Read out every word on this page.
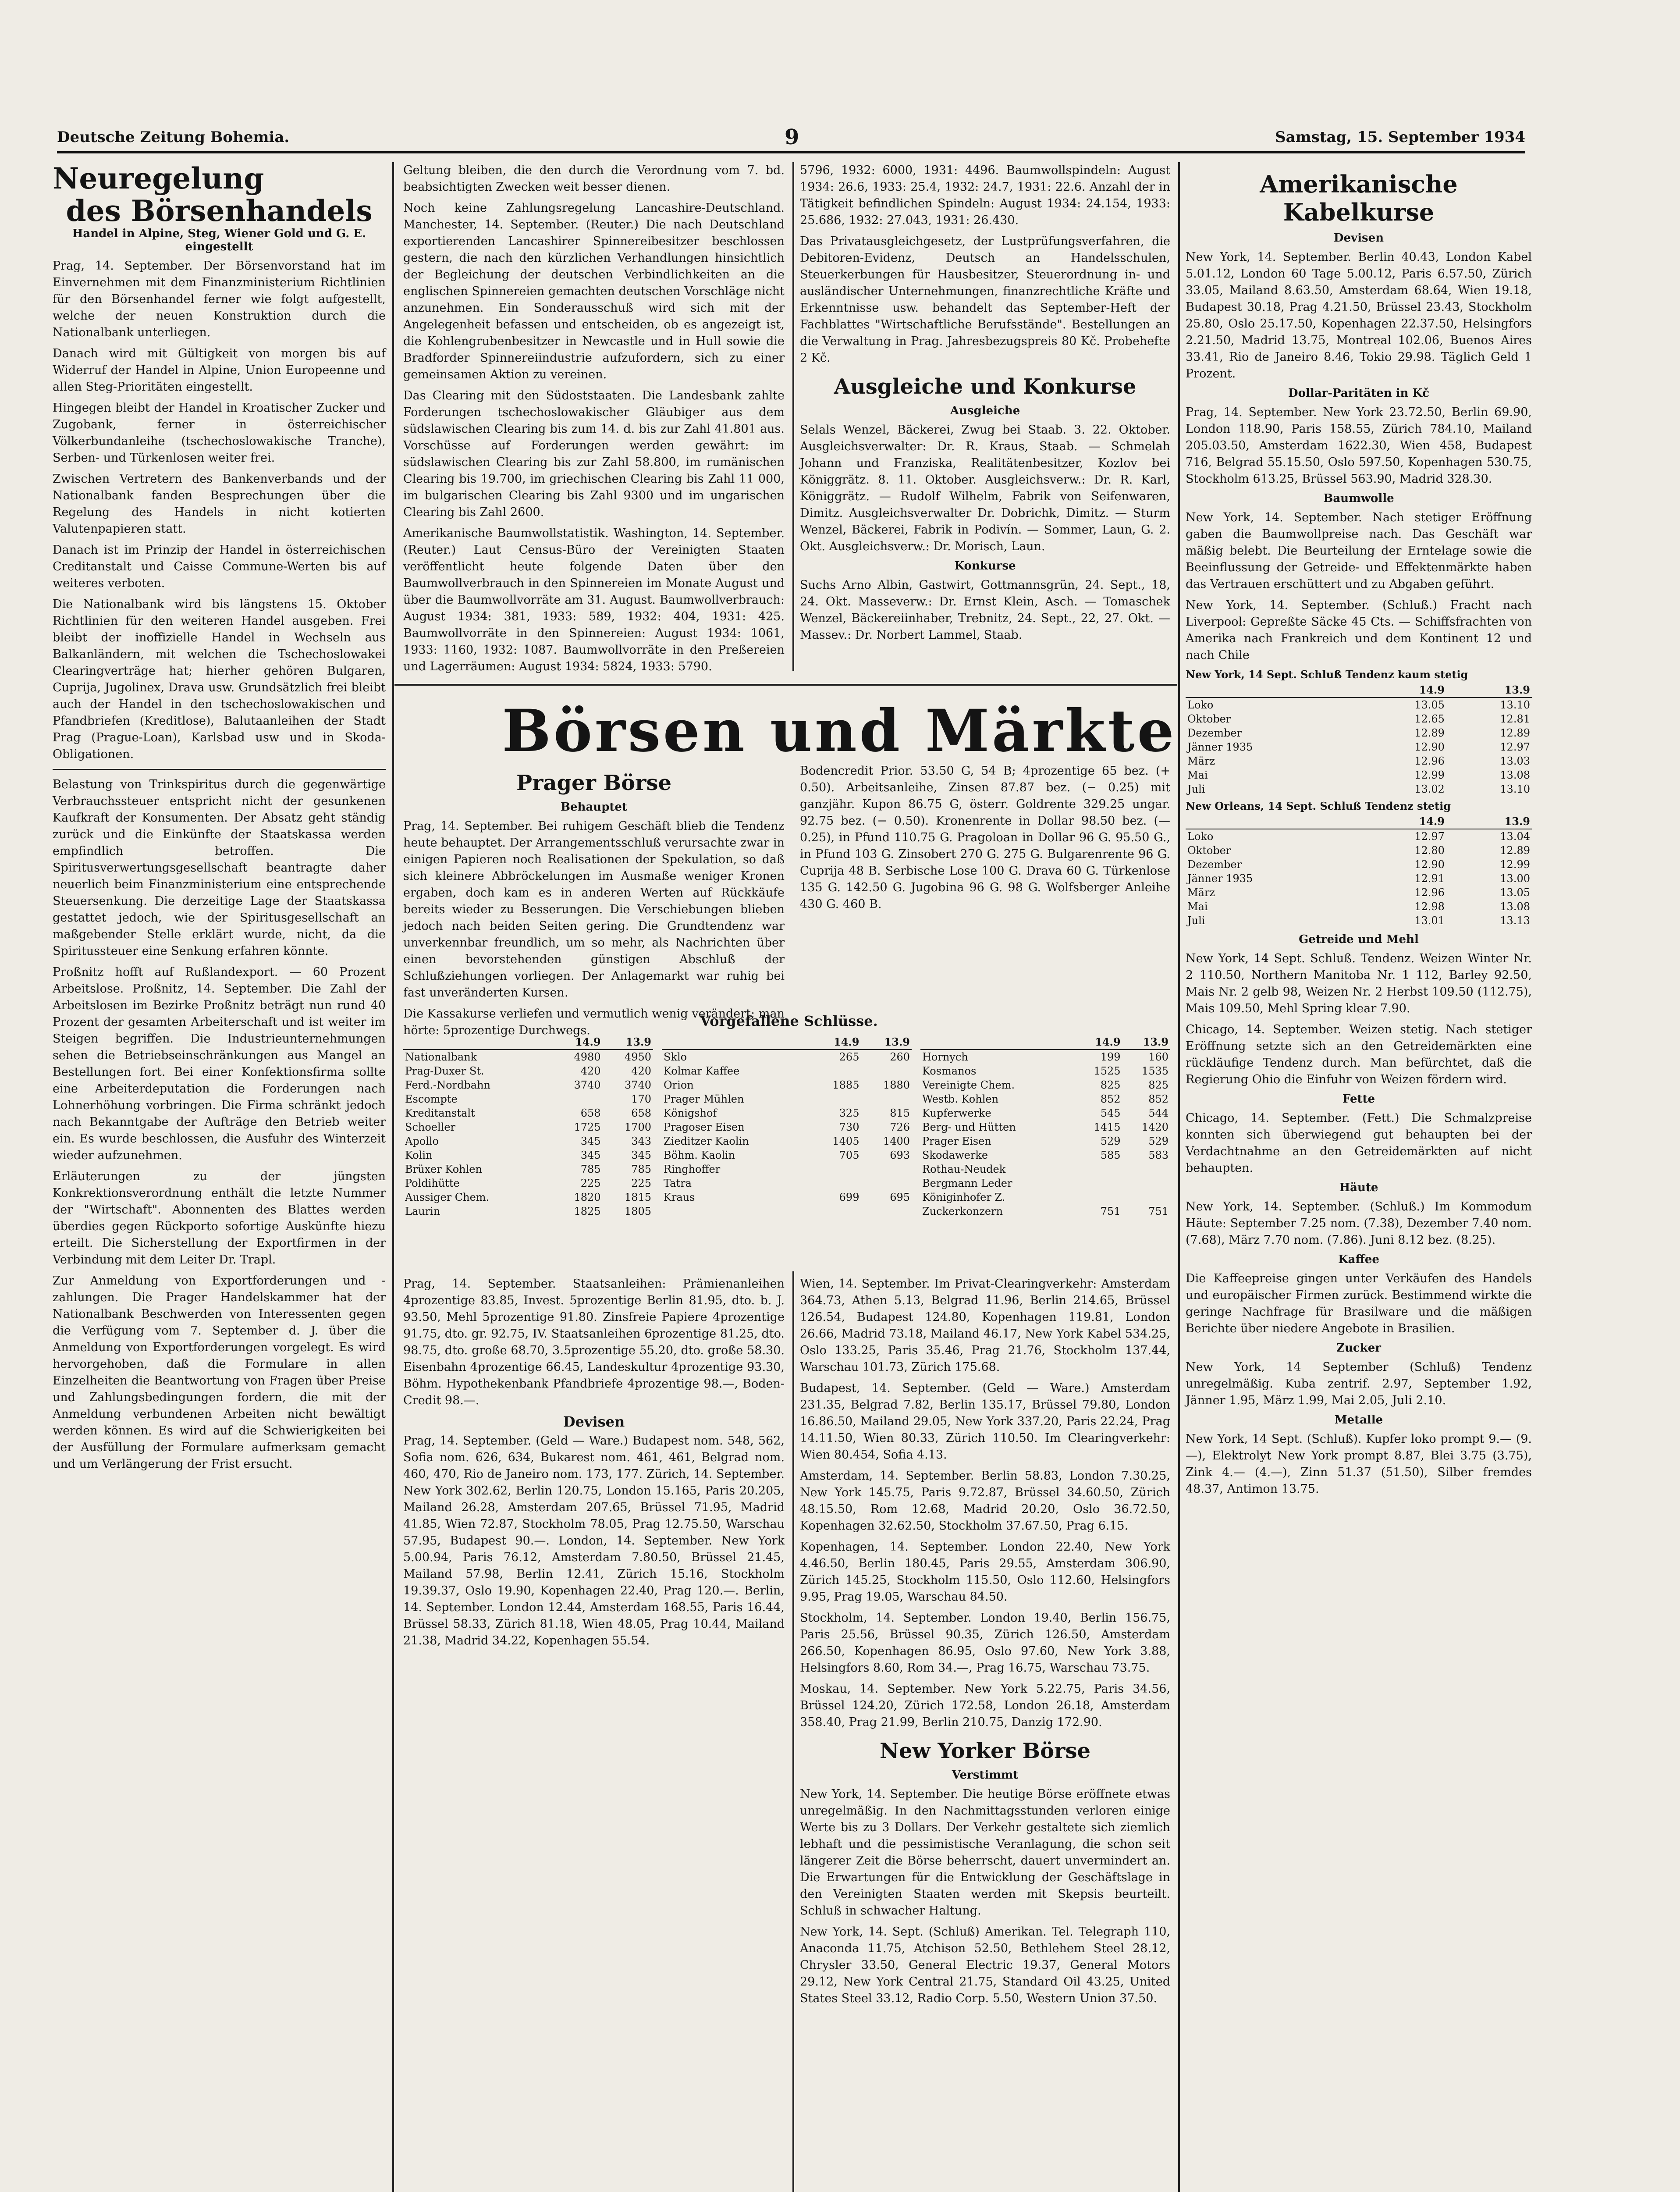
Deutsche Zeitung Bohemia.	9	Samstag, 15. September 1934
Neuregelung
des Börsenhandels
Handel in Alpine, Steg, Wiener Gold und G. E. eingestellt

Prag, 14. September. Der Börsenvorstand hat im Einvernehmen mit dem Finanzministerium Richtlinien für den Börsenhandel ferner wie folgt aufgestellt, welche der neuen Konstruktion durch die Nationalbank unterliegen.

Danach wird mit Gültigkeit von morgen bis auf Widerruf der Handel in Alpine, Union Europeenne und allen Steg-Prioritäten eingestellt.

Hingegen bleibt der Handel in Kroatischer Zucker und Zugobank, ferner in österreichischer Völkerbundanleihe (tschechoslowakische Tranche), Serben- und Türkenlosen weiter frei.

Zwischen Vertretern des Bankenverbands und der Nationalbank fanden Besprechungen über die Regelung des Handels in nicht kotierten Valutenpapieren statt.

Danach ist im Prinzip der Handel in österreichischen Creditanstalt und Caisse Commune-Werten bis auf weiteres verboten.

Die Nationalbank wird bis längstens 15. Oktober Richtlinien für den weiteren Handel ausgeben. Frei bleibt der inoffizielle Handel in Wechseln aus Balkanländern, mit welchen die Tschechoslowakei Clearingverträge hat; hierher gehören Bulgaren, Cuprija, Jugolinex, Drava usw. Grundsätzlich frei bleibt auch der Handel in den tschechoslowakischen und Pfandbriefen (Kreditlose), Balutaanleihen der Stadt Prag (Prague-Loan), Karlsbad usw und in Skoda-Obligationen.

Belastung von Trinkspiritus durch die gegenwärtige Verbrauchssteuer entspricht nicht der gesunkenen Kaufkraft der Konsumenten. Der Absatz geht ständig zurück und die Einkünfte der Staatskassa werden empfindlich betroffen. Die Spiritusverwertungsgesellschaft beantragte daher neuerlich beim Finanzministerium eine entsprechende Steuersenkung. Die derzeitige Lage der Staatskassa gestattet jedoch, wie der Spiritusgesellschaft an maßgebender Stelle erklärt wurde, nicht, da die Spiritussteuer eine Senkung erfahren könnte.

Proßnitz hofft auf Rußlandexport. — 60 Prozent Arbeitslose. Proßnitz, 14. September. Die Zahl der Arbeitslosen im Bezirke Proßnitz beträgt nun rund 40 Prozent der gesamten Arbeiterschaft und ist weiter im Steigen begriffen. Die Industrieunternehmungen sehen die Betriebseinschränkungen aus Mangel an Bestellungen fort. Bei einer Konfektionsfirma sollte eine Arbeiterdeputation die Forderungen nach Lohnerhöhung vorbringen. Die Firma schränkt jedoch nach Bekanntgabe der Aufträge den Betrieb weiter ein. Es wurde beschlossen, die Ausfuhr des Winterzeit wieder aufzunehmen.

Erläuterungen zu der jüngsten Konkrektionsverordnung enthält die letzte Nummer der "Wirtschaft". Abonnenten des Blattes werden überdies gegen Rückporto sofortige Auskünfte hiezu erteilt. Die Sicherstellung der Exportfirmen in der Verbindung mit dem Leiter Dr. Trapl.

Zur Anmeldung von Exportforderungen und -zahlungen. Die Prager Handelskammer hat der Nationalbank Beschwerden von Interessenten gegen die Verfügung vom 7. September d. J. über die Anmeldung von Exportforderungen vorgelegt. Es wird hervorgehoben, daß die Formulare in allen Einzelheiten die Beantwortung von Fragen über Preise und Zahlungsbedingungen fordern, die mit der Anmeldung verbundenen Arbeiten nicht bewältigt werden können. Es wird auf die Schwierigkeiten bei der Ausfüllung der Formulare aufmerksam gemacht und um Verlängerung der Frist ersucht.

Geltung bleiben, die den durch die Verordnung vom 7. bd. beabsichtigten Zwecken weit besser dienen.

Noch keine Zahlungsregelung Lancashire-Deutschland. Manchester, 14. September. (Reuter.) Die nach Deutschland exportierenden Lancashirer Spinnereibesitzer beschlossen gestern, die nach den kürzlichen Verhandlungen hinsichtlich der Begleichung der deutschen Verbindlichkeiten an die englischen Spinnereien gemachten deutschen Vorschläge nicht anzunehmen. Ein Sonderausschuß wird sich mit der Angelegenheit befassen und entscheiden, ob es angezeigt ist, die Kohlengrubenbesitzer in Newcastle und in Hull sowie die Bradforder Spinnereiindustrie aufzufordern, sich zu einer gemeinsamen Aktion zu vereinen.

Das Clearing mit den Südoststaaten. Die Landesbank zahlte Forderungen tschechoslowakischer Gläubiger aus dem südslawischen Clearing bis zum 14. d. bis zur Zahl 41.801 aus. Vorschüsse auf Forderungen werden gewährt: im südslawischen Clearing bis zur Zahl 58.800, im rumänischen Clearing bis 19.700, im griechischen Clearing bis Zahl 11 000, im bulgarischen Clearing bis Zahl 9300 und im ungarischen Clearing bis Zahl 2600.

Amerikanische Baumwollstatistik. Washington, 14. September. (Reuter.) Laut Census-Büro der Vereinigten Staaten veröffentlicht heute folgende Daten über den Baumwollverbrauch in den Spinnereien im Monate August und über die Baumwollvorräte am 31. August. Baumwollverbrauch: August 1934: 381, 1933: 589, 1932: 404, 1931: 425. Baumwollvorräte in den Spinnereien: August 1934: 1061, 1933: 1160, 1932: 1087. Baumwollvorräte in den Preßereien und Lagerräumen: August 1934: 5824, 1933: 5790.

5796, 1932: 6000, 1931: 4496. Baumwollspindeln: August 1934: 26.6, 1933: 25.4, 1932: 24.7, 1931: 22.6. Anzahl der in Tätigkeit befindlichen Spindeln: August 1934: 24.154, 1933: 25.686, 1932: 27.043, 1931: 26.430.

Das Privatausgleichgesetz, der Lustprüfungsverfahren, die Debitoren-Evidenz, Deutsch an Handelsschulen, Steuerkerbungen für Hausbesitzer, Steuerordnung in- und ausländischer Unternehmungen, finanzrechtliche Kräfte und Erkenntnisse usw. behandelt das September-Heft der Fachblattes "Wirtschaftliche Berufsstände". Bestellungen an die Verwaltung in Prag. Jahresbezugspreis 80 Kč. Probehefte 2 Kč.

Ausgleiche und Konkurse
Ausgleiche

Selals Wenzel, Bäckerei, Zwug bei Staab. 3. 22. Oktober. Ausgleichsverwalter: Dr. R. Kraus, Staab. — Schmelah Johann und Franziska, Realitätenbesitzer, Kozlov bei Königgrätz. 8. 11. Oktober. Ausgleichsverw.: Dr. R. Karl, Königgrätz. — Rudolf Wilhelm, Fabrik von Seifenwaren, Dimitz. Ausgleichsverwalter Dr. Dobrichk, Dimitz. — Sturm Wenzel, Bäckerei, Fabrik in Podivín. — Sommer, Laun, G. 2. Okt. Ausgleichsverw.: Dr. Morisch, Laun.

Konkurse

Suchs Arno Albin, Gastwirt, Gottmannsgrün, 24. Sept., 18, 24. Okt. Masseverw.: Dr. Ernst Klein, Asch. — Tomaschek Wenzel, Bäckereiinhaber, Trebnitz, 24. Sept., 22, 27. Okt. — Massev.: Dr. Norbert Lammel, Staab.

Börsen und Märkte
Prager Börse
Behauptet

Prag, 14. September. Bei ruhigem Geschäft blieb die Tendenz heute behauptet. Der Arrangementsschluß verursachte zwar in einigen Papieren noch Realisationen der Spekulation, so daß sich kleinere Abbröckelungen im Ausmaße weniger Kronen ergaben, doch kam es in anderen Werten auf Rückkäufe bereits wieder zu Besserungen. Die Verschiebungen blieben jedoch nach beiden Seiten gering. Die Grundtendenz war unverkennbar freundlich, um so mehr, als Nachrichten über einen bevorstehenden günstigen Abschluß der Schlußziehungen vorliegen. Der Anlagemarkt war ruhig bei fast unveränderten Kursen.

Die Kassakurse verliefen und vermutlich wenig verändert; man hörte: 5prozentige Durchwegs.

Bodencredit Prior. 53.50 G, 54 B; 4prozentige 65 bez. (+ 0.50). Arbeitsanleihe, Zinsen 87.87 bez. (− 0.25) mit ganzjähr. Kupon 86.75 G, österr. Goldrente 329.25 ungar. 92.75 bez. (− 0.50). Kronenrente in Dollar 98.50 bez. (— 0.25), in Pfund 110.75 G. Pragoloan in Dollar 96 G. 95.50 G., in Pfund 103 G. Zinsobert 270 G. 275 G. Bulgarenrente 96 G. Cuprija 48 B. Serbische Lose 100 G. Drava 60 G. Türkenlose 135 G. 142.50 G. Jugobina 96 G. 98 G. Wolfsberger Anleihe 430 G. 460 B.

Vorgefallene Schlüsse.
	14.9	13.9
Nationalbank	4980	4950
Prag-Duxer St.	420	420
Ferd.-Nordbahn	3740	3740
Escompte		170
Kreditanstalt	658	658
Schoeller	1725	1700
Apollo	345	343
Kolin	345	345
Brüxer Kohlen	785	785
Poldihütte	225	225
Aussiger Chem.	1820	1815
Laurin	1825	1805
	14.9	13.9
Sklo	265	260
Kolmar Kaffee		
Orion	1885	1880
Prager Mühlen		
Königshof	325	815
Pragoser Eisen	730	726
Zieditzer Kaolin	1405	1400
Böhm. Kaolin	705	693
Ringhoffer		
Tatra		
Kraus	699	695
	14.9	13.9
Hornych	199	160
Kosmanos	1525	1535
Vereinigte Chem.	825	825
Westb. Kohlen	852	852
Kupferwerke	545	544
Berg- und Hütten	1415	1420
Prager Eisen	529	529
Skodawerke	585	583
Rothau-Neudek		
Bergmann Leder		
Königinhofer Z.		
Zuckerkonzern	751	751

Prag, 14. September. Staatsanleihen: Prämienanleihen 4prozentige 83.85, Invest. 5prozentige Berlin 81.95, dto. b. J. 93.50, Mehl 5prozentige 91.80. Zinsfreie Papiere 4prozentige 91.75, dto. gr. 92.75, IV. Staatsanleihen 6prozentige 81.25, dto. 98.75, dto. große 68.70, 3.5prozentige 55.20, dto. große 58.30. Eisenbahn 4prozentige 66.45, Landeskultur 4prozentige 93.30, Böhm. Hypothekenbank Pfandbriefe 4prozentige 98.—, Boden-Credit 98.—.

Devisen

Prag, 14. September. (Geld — Ware.) Budapest nom. 548, 562, Sofia nom. 626, 634, Bukarest nom. 461, 461, Belgrad nom. 460, 470, Rio de Janeiro nom. 173, 177. Zürich, 14. September. New York 302.62, Berlin 120.75, London 15.165, Paris 20.205, Mailand 26.28, Amsterdam 207.65, Brüssel 71.95, Madrid 41.85, Wien 72.87, Stockholm 78.05, Prag 12.75.50, Warschau 57.95, Budapest 90.—. London, 14. September. New York 5.00.94, Paris 76.12, Amsterdam 7.80.50, Brüssel 21.45, Mailand 57.98, Berlin 12.41, Zürich 15.16, Stockholm 19.39.37, Oslo 19.90, Kopenhagen 22.40, Prag 120.—. Berlin, 14. September. London 12.44, Amsterdam 168.55, Paris 16.44, Brüssel 58.33, Zürich 81.18, Wien 48.05, Prag 10.44, Mailand 21.38, Madrid 34.22, Kopenhagen 55.54.

Wien, 14. September. Im Privat-Clearingverkehr: Amsterdam 364.73, Athen 5.13, Belgrad 11.96, Berlin 214.65, Brüssel 126.54, Budapest 124.80, Kopenhagen 119.81, London 26.66, Madrid 73.18, Mailand 46.17, New York Kabel 534.25, Oslo 133.25, Paris 35.46, Prag 21.76, Stockholm 137.44, Warschau 101.73, Zürich 175.68.

Budapest, 14. September. (Geld — Ware.) Amsterdam 231.35, Belgrad 7.82, Berlin 135.17, Brüssel 79.80, London 16.86.50, Mailand 29.05, New York 337.20, Paris 22.24, Prag 14.11.50, Wien 80.33, Zürich 110.50. Im Clearingverkehr: Wien 80.454, Sofia 4.13.

Amsterdam, 14. September. Berlin 58.83, London 7.30.25, New York 145.75, Paris 9.72.87, Brüssel 34.60.50, Zürich 48.15.50, Rom 12.68, Madrid 20.20, Oslo 36.72.50, Kopenhagen 32.62.50, Stockholm 37.67.50, Prag 6.15.

Kopenhagen, 14. September. London 22.40, New York 4.46.50, Berlin 180.45, Paris 29.55, Amsterdam 306.90, Zürich 145.25, Stockholm 115.50, Oslo 112.60, Helsingfors 9.95, Prag 19.05, Warschau 84.50.

Stockholm, 14. September. London 19.40, Berlin 156.75, Paris 25.56, Brüssel 90.35, Zürich 126.50, Amsterdam 266.50, Kopenhagen 86.95, Oslo 97.60, New York 3.88, Helsingfors 8.60, Rom 34.—, Prag 16.75, Warschau 73.75.

Moskau, 14. September. New York 5.22.75, Paris 34.56, Brüssel 124.20, Zürich 172.58, London 26.18, Amsterdam 358.40, Prag 21.99, Berlin 210.75, Danzig 172.90.

New Yorker Börse
Verstimmt

New York, 14. September. Die heutige Börse eröffnete etwas unregelmäßig. In den Nachmittagsstunden verloren einige Werte bis zu 3 Dollars. Der Verkehr gestaltete sich ziemlich lebhaft und die pessimistische Veranlagung, die schon seit längerer Zeit die Börse beherrscht, dauert unvermindert an. Die Erwartungen für die Entwicklung der Geschäftslage in den Vereinigten Staaten werden mit Skepsis beurteilt. Schluß in schwacher Haltung.

New York, 14. Sept. (Schluß) Amerikan. Tel. Telegraph 110, Anaconda 11.75, Atchison 52.50, Bethlehem Steel 28.12, Chrysler 33.50, General Electric 19.37, General Motors 29.12, New York Central 21.75, Standard Oil 43.25, United States Steel 33.12, Radio Corp. 5.50, Western Union 37.50.

Amerikanische Kabelkurse
Devisen

New York, 14. September. Berlin 40.43, London Kabel 5.01.12, London 60 Tage 5.00.12, Paris 6.57.50, Zürich 33.05, Mailand 8.63.50, Amsterdam 68.64, Wien 19.18, Budapest 30.18, Prag 4.21.50, Brüssel 23.43, Stockholm 25.80, Oslo 25.17.50, Kopenhagen 22.37.50, Helsingfors 2.21.50, Madrid 13.75, Montreal 102.06, Buenos Aires 33.41, Rio de Janeiro 8.46, Tokio 29.98. Täglich Geld 1 Prozent.

Dollar-Paritäten in Kč

Prag, 14. September. New York 23.72.50, Berlin 69.90, London 118.90, Paris 158.55, Zürich 784.10, Mailand 205.03.50, Amsterdam 1622.30, Wien 458, Budapest 716, Belgrad 55.15.50, Oslo 597.50, Kopenhagen 530.75, Stockholm 613.25, Brüssel 563.90, Madrid 328.30.

Baumwolle

New York, 14. September. Nach stetiger Eröffnung gaben die Baumwollpreise nach. Das Geschäft war mäßig belebt. Die Beurteilung der Erntelage sowie die Beeinflussung der Getreide- und Effektenmärkte haben das Vertrauen erschüttert und zu Abgaben geführt.

New York, 14. September. (Schluß.) Fracht nach Liverpool: Gepreßte Säcke 45 Cts. — Schiffsfrachten von Amerika nach Frankreich und dem Kontinent 12 und nach Chile

New York, 14 Sept. Schluß Tendenz kaum stetig
	14.9	13.9
Loko	13.05	13.10
Oktober	12.65	12.81
Dezember	12.89	12.89
Jänner 1935	12.90	12.97
März	12.96	13.03
Mai	12.99	13.08
Juli	13.02	13.10
New Orleans, 14 Sept. Schluß Tendenz stetig
	14.9	13.9
Loko	12.97	13.04
Oktober	12.80	12.89
Dezember	12.90	12.99
Jänner 1935	12.91	13.00
März	12.96	13.05
Mai	12.98	13.08
Juli	13.01	13.13
Getreide und Mehl

New York, 14 Sept. Schluß. Tendenz. Weizen Winter Nr. 2 110.50, Northern Manitoba Nr. 1 112, Barley 92.50, Mais Nr. 2 gelb 98, Weizen Nr. 2 Herbst 109.50 (112.75), Mais 109.50, Mehl Spring klear 7.90.

Chicago, 14. September. Weizen stetig. Nach stetiger Eröffnung setzte sich an den Getreidemärkten eine rückläufige Tendenz durch. Man befürchtet, daß die Regierung Ohio die Einfuhr von Weizen fördern wird.

Fette

Chicago, 14. September. (Fett.) Die Schmalzpreise konnten sich überwiegend gut behaupten bei der Verdachtnahme an den Getreidemärkten auf nicht behaupten.

Häute

New York, 14. September. (Schluß.) Im Kommodum Häute: September 7.25 nom. (7.38), Dezember 7.40 nom. (7.68), März 7.70 nom. (7.86). Juni 8.12 bez. (8.25).

Kaffee

Die Kaffeepreise gingen unter Verkäufen des Handels und europäischer Firmen zurück. Bestimmend wirkte die geringe Nachfrage für Brasilware und die mäßigen Berichte über niedere Angebote in Brasilien.

Zucker

New York, 14 September (Schluß) Tendenz unregelmäßig. Kuba zentrif. 2.97, September 1.92, Jänner 1.95, März 1.99, Mai 2.05, Juli 2.10.

Metalle

New York, 14 Sept. (Schluß). Kupfer loko prompt 9.— (9.—), Elektrolyt New York prompt 8.87, Blei 3.75 (3.75), Zink 4.— (4.—), Zinn 51.37 (51.50), Silber fremdes 48.37, Antimon 13.75.
